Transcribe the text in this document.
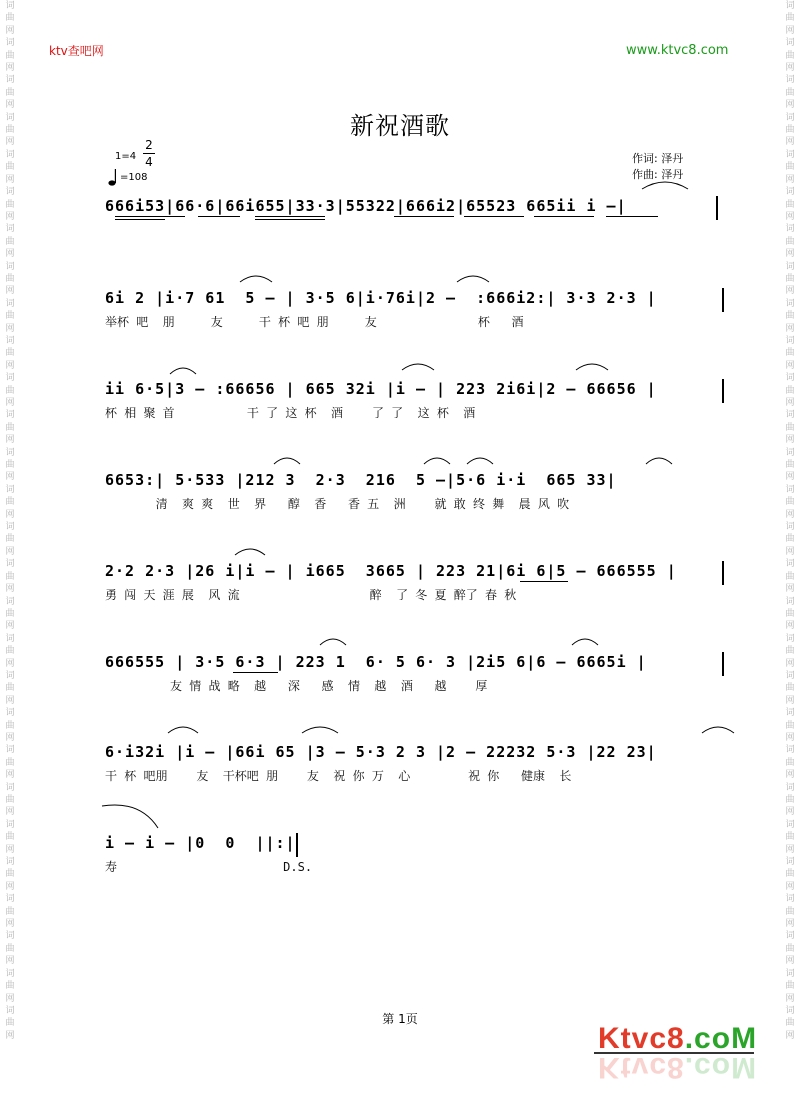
词
曲
网
词
曲
网
词
曲
网
词
曲
网
词
曲
网
词
曲
网
词
曲
网
词
曲
网
词
曲
网
词
曲
网
词
曲
网
词
曲
网
词
曲
网
词
曲
网
词
曲
网
词
曲
网
词
曲
网
词
曲
网
词
曲
网
词
曲
网
词
曲
网
词
曲
网
词
曲
网
词
曲
网
词
曲
网
词
曲
网
词
曲
网
词
曲
网
词
曲
网
词
曲
网
词
曲
网
词
曲
网
词
曲
网
词
曲
网
词
曲
网
词
曲
网
词
曲
网
词
曲
网
词
曲
网
词
曲
网
词
曲
网
词
曲
网
词
曲
网
词
曲
网
词
曲
网
词
曲
网
词
曲
网
词
曲
网
词
曲
网
词
曲
网
词
曲
网
词
曲
网
词
曲
网
词
曲
网
词
曲
网
词
曲
网
ktv查吧网	www.ktvc8.com
新祝酒歌
1=4
2
4
=108
作词: 泽丹
作曲: 泽丹
666i53|66·6|66i655|33·3|55322|666i2|65523 665ii i –|
6i 2 |i·7 61  5 – | 3·5 6|i·76i|2 –  :666i2:| 3·3 2·3 |
举杯 吧  朋     友     干 杯 吧 朋     友              杯   酒
ii 6·5|3 – :66656 | 665 32i |i – | 223 2i6i|2 – 66656 |
杯 相 聚 首          干 了 这 杯  酒    了 了  这 杯  酒
6653:| 5·533 |212 3  2·3  216  5 –|5·6 i·i  665 33|
清  爽 爽  世  界   醇  香   香 五  洲    就 敢 终 舞  晨 风 吹
2·2 2·3 |26 i|i – | i665  3665 | 223 21|6i 6|5 – 666555 |
勇 闯 天 涯 展  风 流                  醉  了 冬 夏 醉了 春 秋
666555 | 3·5 6·3 | 223 1  6· 5 6· 3 |2i5 6|6 – 6665i |
友 情 战 略  越   深   感  情  越  酒   越    厚
6·i32i |i – |66i 65 |3 – 5·3 2 3 |2 – 22232 5·3 |22 23|
干 杯 吧朋    友  干杯吧 朋    友  祝 你 万  心        祝 你   健康  长
i – i – |0  0  ||:|
寿                       D.S.
第 1页
Ktvc8.coM
Ktvc8.coM
